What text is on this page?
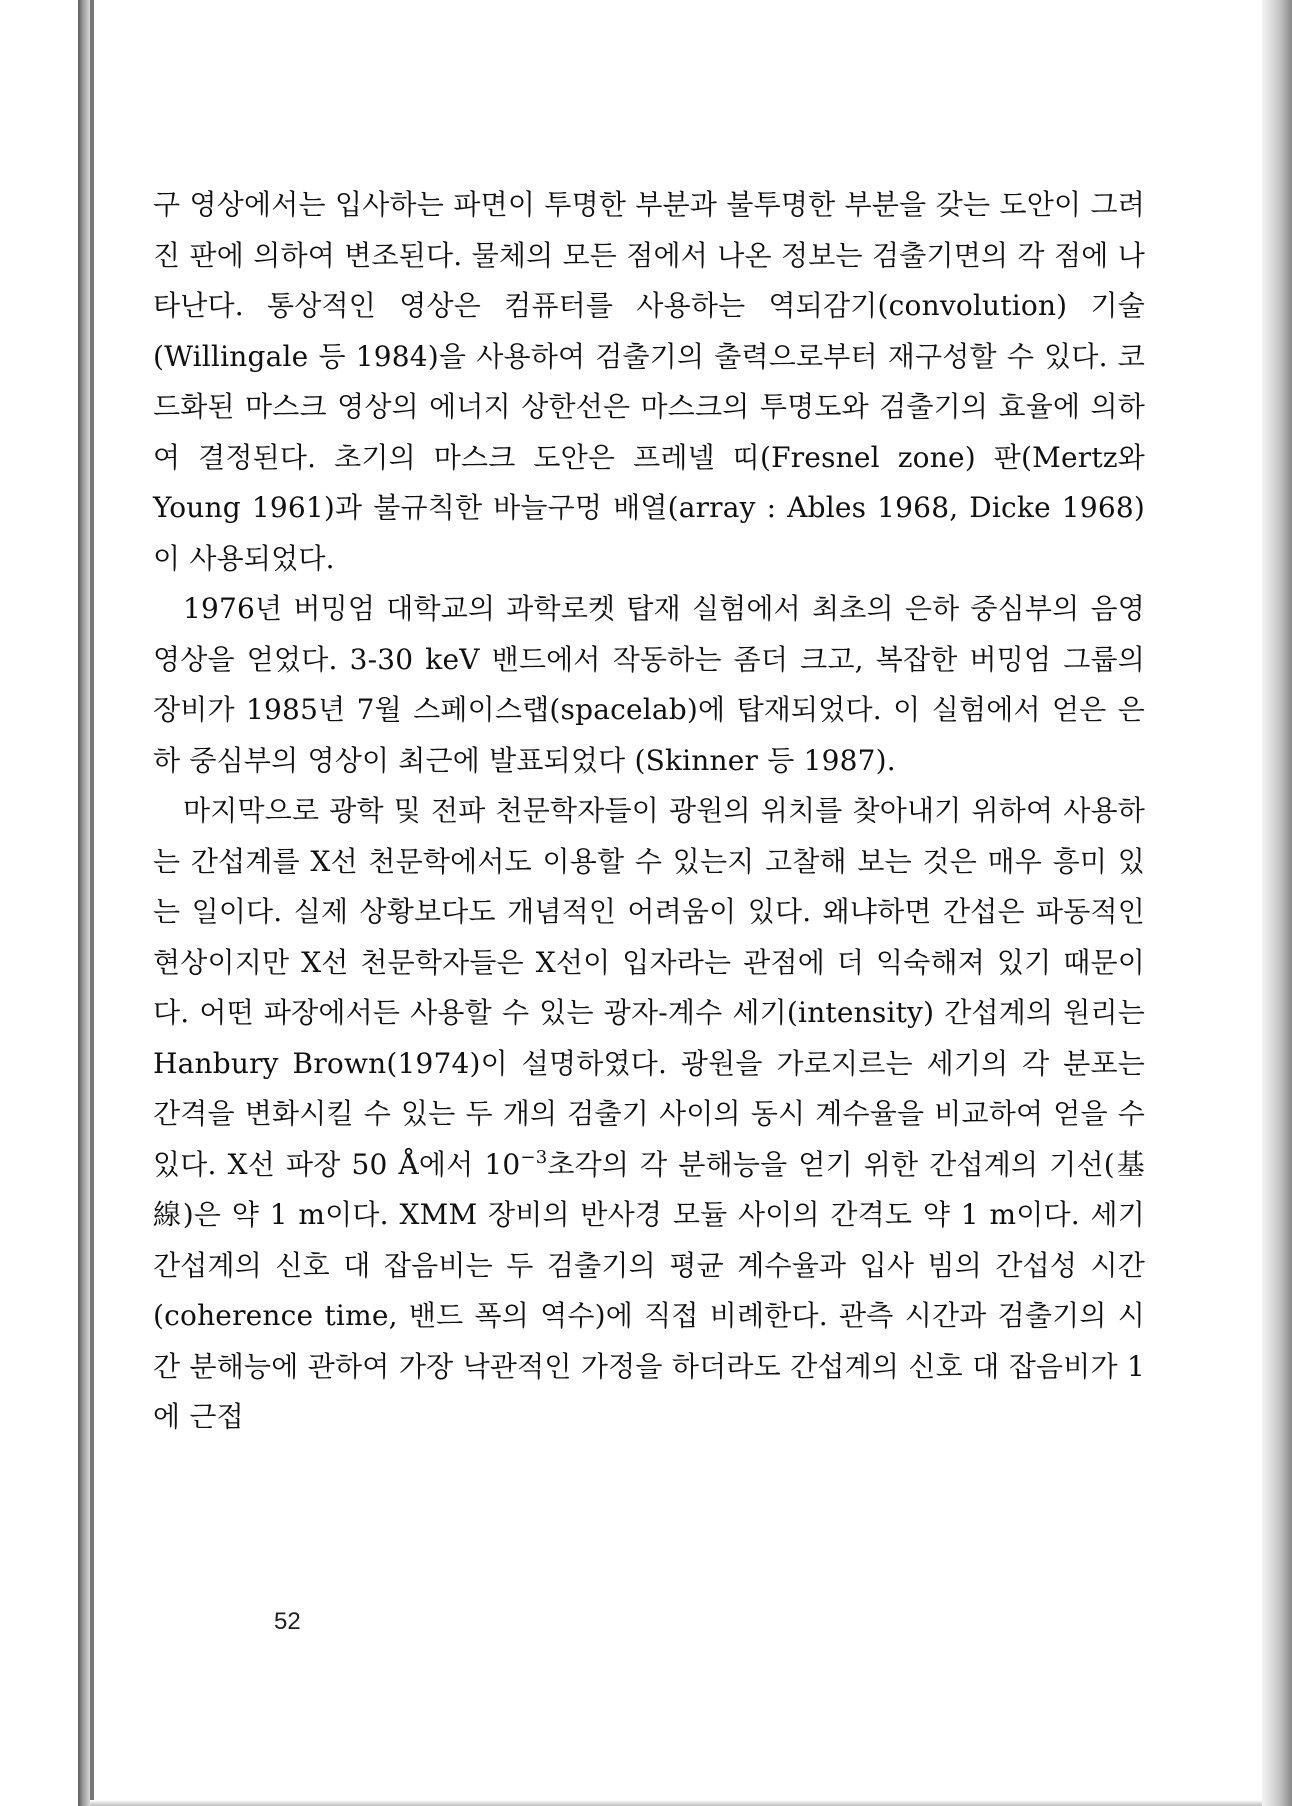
구 영상에서는 입사하는 파면이 투명한 부분과 불투명한 부분을 갖는 도안이 그려진 판에 의하여 변조된다. 물체의 모든 점에서 나온 정보는 검출기면의 각 점에 나타난다. 통상적인 영상은 컴퓨터를 사용하는 역되감기(convolution) 기술(Willingale 등 1984)을 사용하여 검출기의 출력으로부터 재구성할 수 있다. 코드화된 마스크 영상의 에너지 상한선은 마스크의 투명도와 검출기의 효율에 의하여 결정된다. 초기의 마스크 도안은 프레넬 띠(Fresnel zone) 판(Mertz와 Young 1961)과 불규칙한 바늘구멍 배열(array : Ables 1968, Dicke 1968)이 사용되었다.

1976년 버밍엄 대학교의 과학로켓 탑재 실험에서 최초의 은하 중심부의 음영 영상을 얻었다. 3-30 keV 밴드에서 작동하는 좀더 크고, 복잡한 버밍엄 그룹의 장비가 1985년 7월 스페이스랩(spacelab)에 탑재되었다. 이 실험에서 얻은 은하 중심부의 영상이 최근에 발표되었다 (Skinner 등 1987).

마지막으로 광학 및 전파 천문학자들이 광원의 위치를 찾아내기 위하여 사용하는 간섭계를 X선 천문학에서도 이용할 수 있는지 고찰해 보는 것은 매우 흥미 있는 일이다. 실제 상황보다도 개념적인 어려움이 있다. 왜냐하면 간섭은 파동적인 현상이지만 X선 천문학자들은 X선이 입자라는 관점에 더 익숙해져 있기 때문이다. 어떤 파장에서든 사용할 수 있는 광자-계수 세기(intensity) 간섭계의 원리는 Hanbury Brown(1974)이 설명하였다. 광원을 가로지르는 세기의 각 분포는 간격을 변화시킬 수 있는 두 개의 검출기 사이의 동시 계수율을 비교하여 얻을 수 있다. X선 파장 50 Å에서 $10^{-3}$초각의 각 분해능을 얻기 위한 간섭계의 기선(基線)은 약 1 m이다. XMM 장비의 반사경 모듈 사이의 간격도 약 1 m이다. 세기 간섭계의 신호 대 잡음비는 두 검출기의 평균 계수율과 입사 빔의 간섭성 시간(coherence time, 밴드 폭의 역수)에 직접 비례한다. 관측 시간과 검출기의 시간 분해능에 관하여 가장 낙관적인 가정을 하더라도 간섭계의 신호 대 잡음비가 1에 근접

52
